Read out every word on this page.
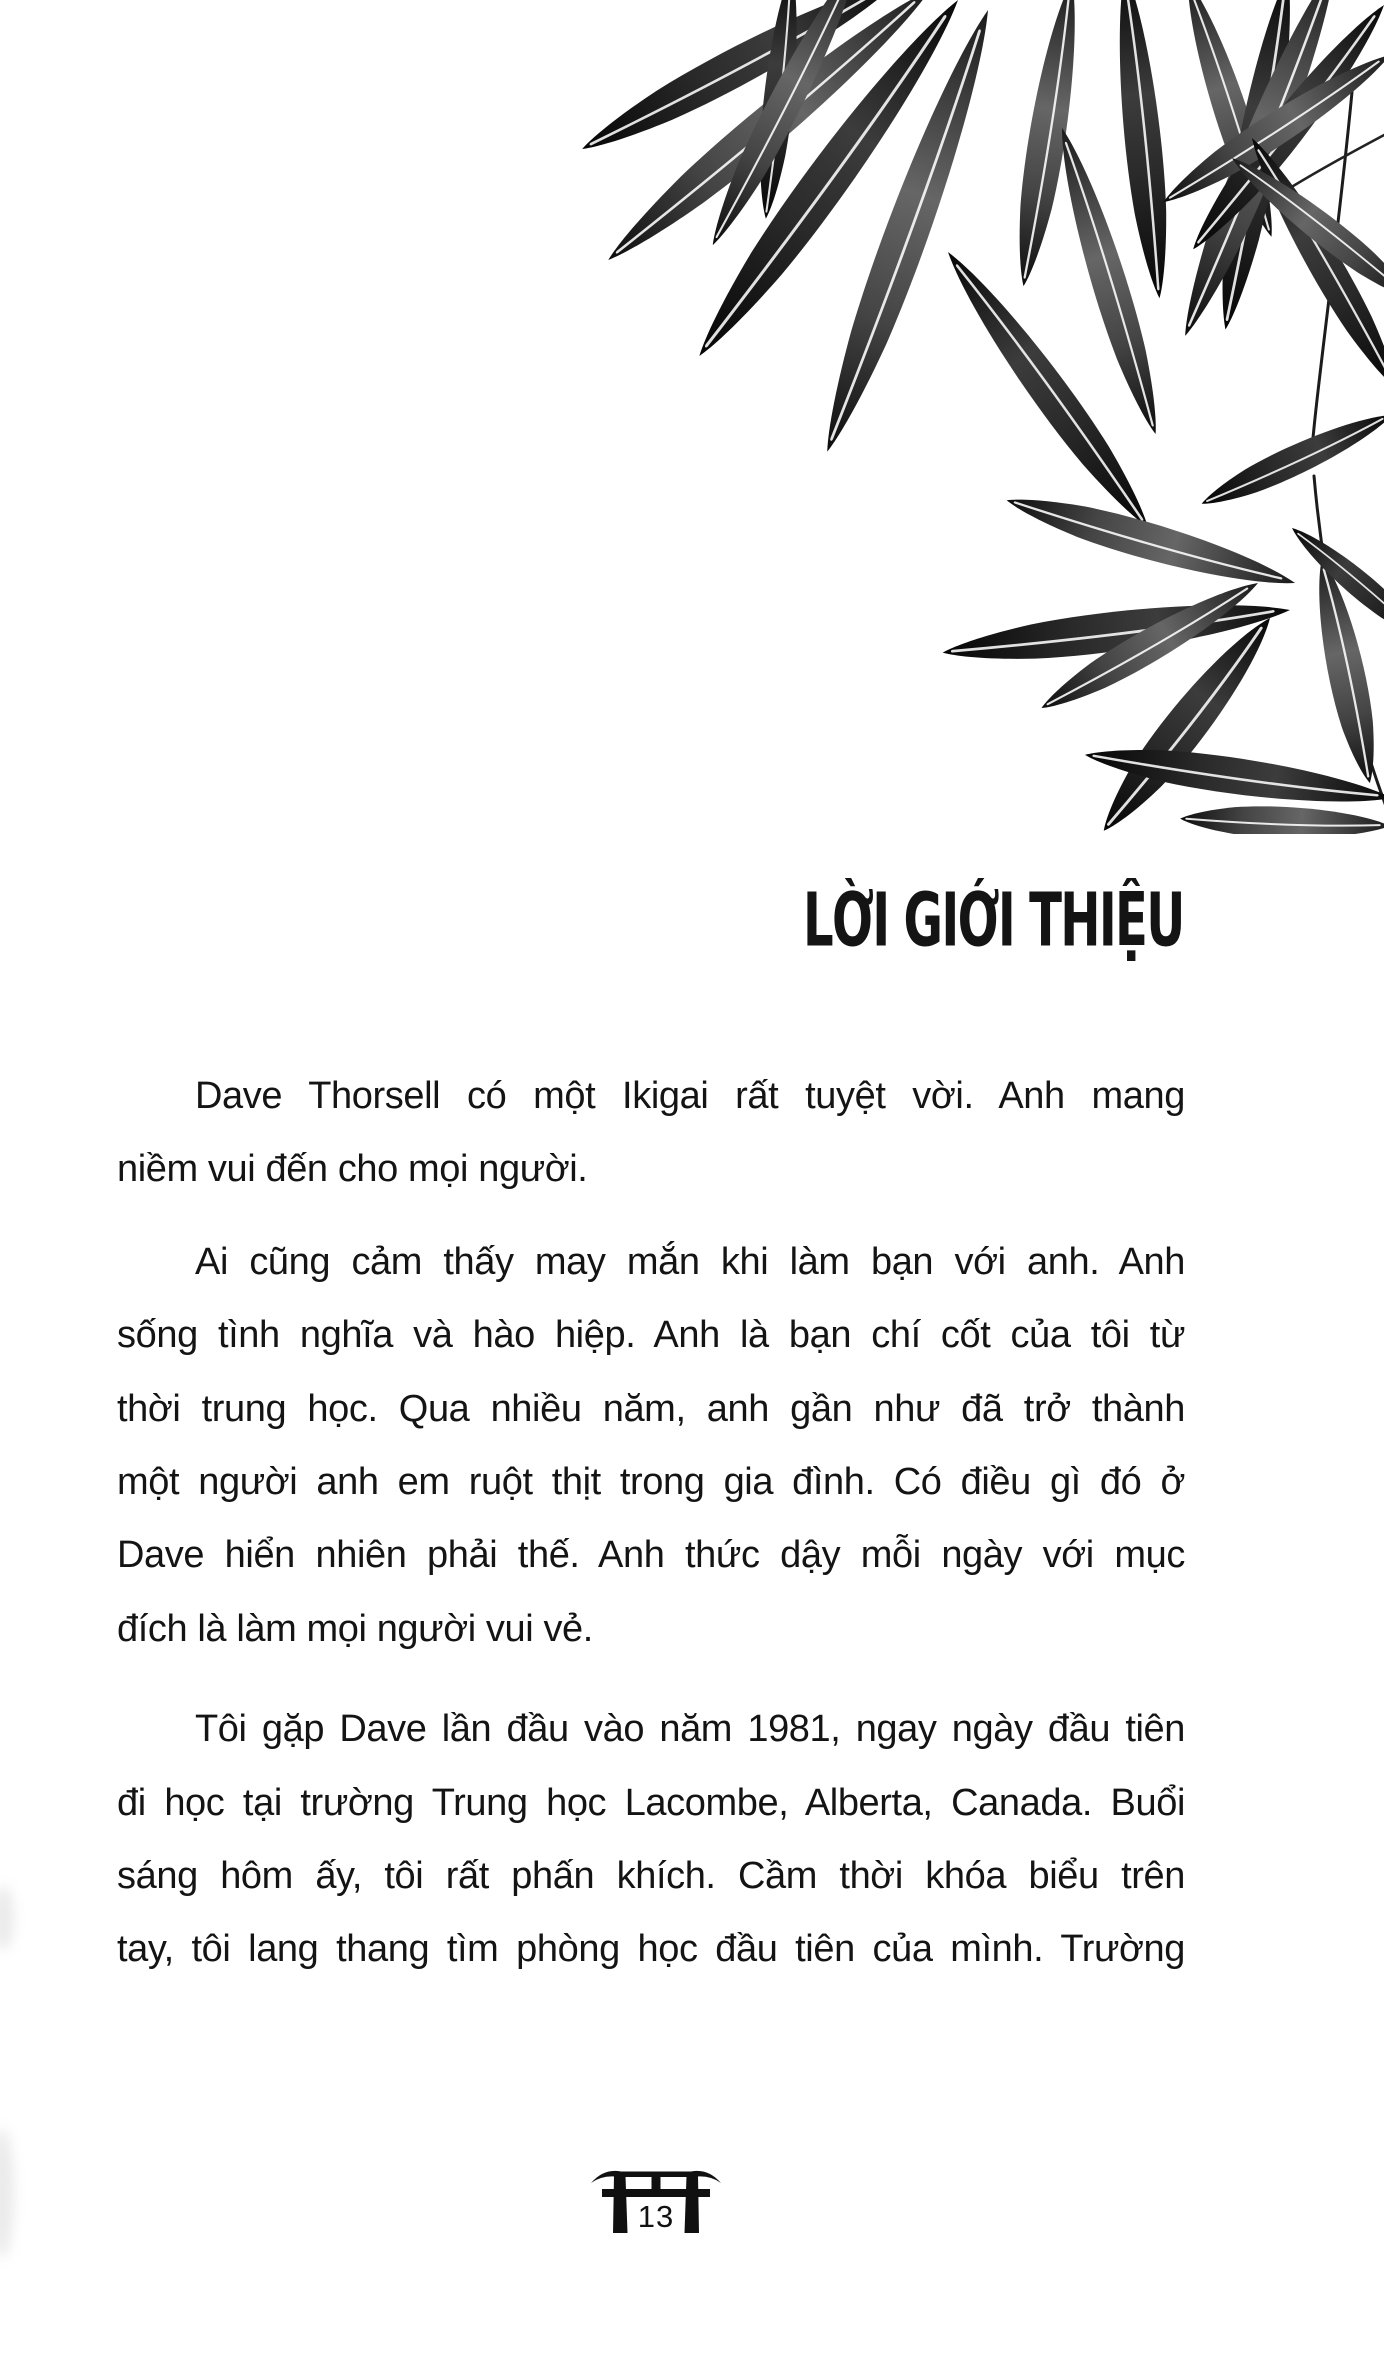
LỜI GIỚI THIỆU
Dave Thorsell có một Ikigai rất tuyệt vời. Anh mang
niềm vui đến cho mọi người.
Ai cũng cảm thấy may mắn khi làm bạn với anh. Anh
sống tình nghĩa và hào hiệp. Anh là bạn chí cốt của tôi từ
thời trung học. Qua nhiều năm, anh gần như đã trở thành
một người anh em ruột thịt trong gia đình. Có điều gì đó ở
Dave hiển nhiên phải thế. Anh thức dậy mỗi ngày với mục
đích là làm mọi người vui vẻ.
Tôi gặp Dave lần đầu vào năm 1981, ngay ngày đầu tiên
đi học tại trường Trung học Lacombe, Alberta, Canada. Buổi
sáng hôm ấy, tôi rất phấn khích. Cầm thời khóa biểu trên
tay, tôi lang thang tìm phòng học đầu tiên của mình. Trường
13
